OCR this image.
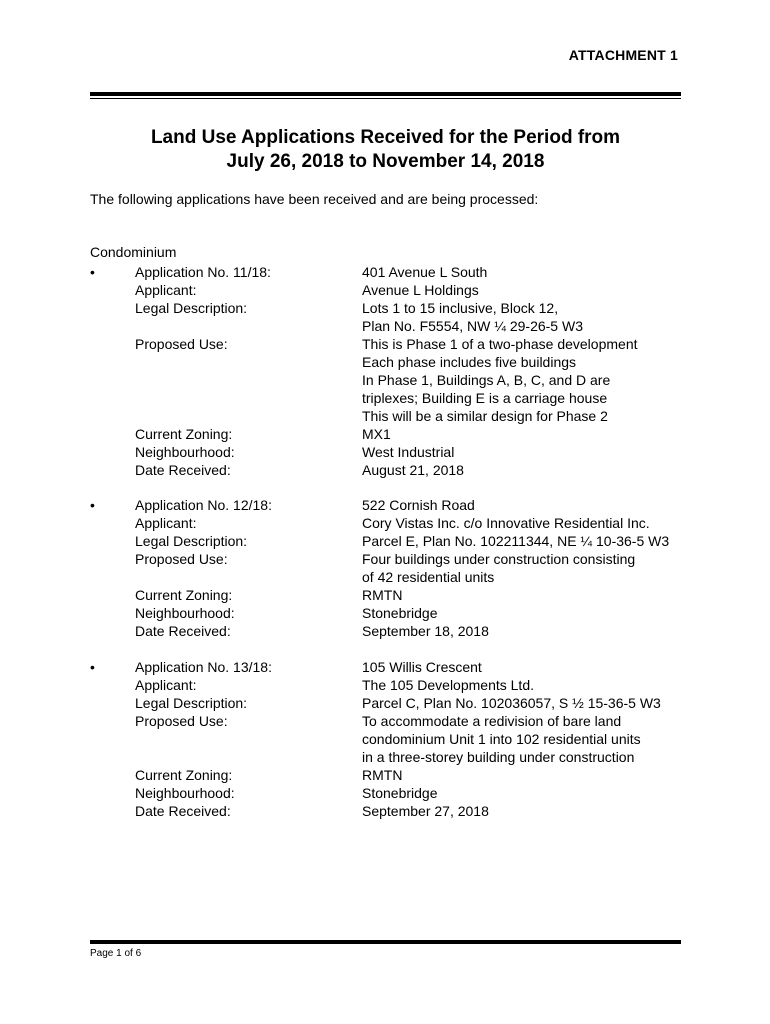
ATTACHMENT 1
Land Use Applications Received for the Period from
July 26, 2018 to November 14, 2018
The following applications have been received and are being processed:
Condominium
•	Application No. 11/18:	401 Avenue L South
Applicant:	Avenue L Holdings
Legal Description:	Lots 1 to 15 inclusive, Block 12,
Plan No. F5554, NW ¼ 29-26-5 W3
Proposed Use:	This is Phase 1 of a two-phase development
Each phase includes five buildings
In Phase 1, Buildings A, B, C, and D are
triplexes; Building E is a carriage house
This will be a similar design for Phase 2
Current Zoning:	MX1
Neighbourhood:	West Industrial
Date Received:	August 21, 2018
•	Application No. 12/18:	522 Cornish Road
Applicant:	Cory Vistas Inc. c/o Innovative Residential Inc.
Legal Description:	Parcel E, Plan No. 102211344, NE ¼ 10-36-5 W3
Proposed Use:	Four buildings under construction consisting
of 42 residential units
Current Zoning:	RMTN
Neighbourhood:	Stonebridge
Date Received:	September 18, 2018
•	Application No. 13/18:	105 Willis Crescent
Applicant:	The 105 Developments Ltd.
Legal Description:	Parcel C, Plan No. 102036057, S ½ 15-36-5 W3
Proposed Use:	To accommodate a redivision of bare land
condominium Unit 1 into 102 residential units
in a three-storey building under construction
Current Zoning:	RMTN
Neighbourhood:	Stonebridge
Date Received:	September 27, 2018
Page 1 of 6
